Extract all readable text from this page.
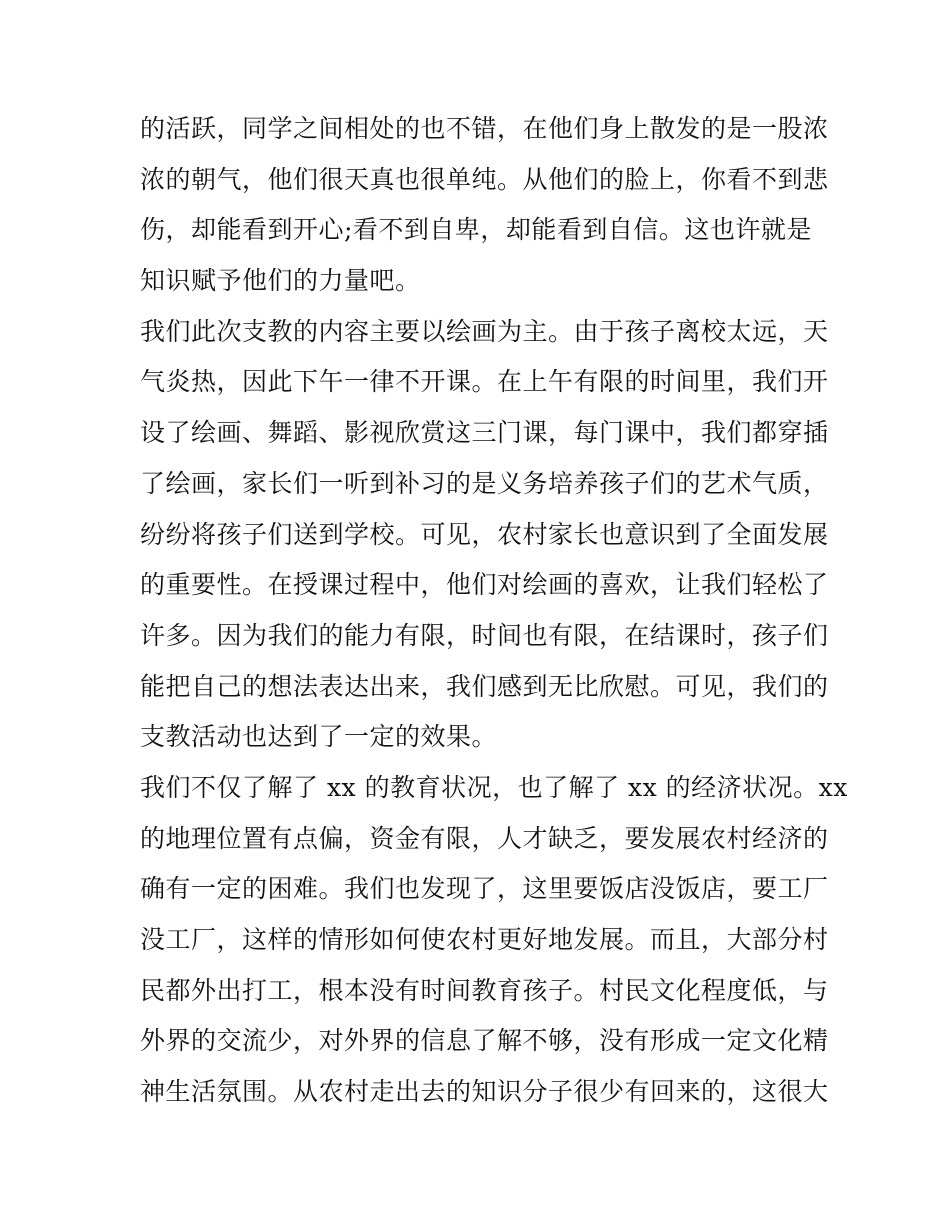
的活跃，同学之间相处的也不错，在他们身上散发的是一股浓
浓的朝气，他们很天真也很单纯。从他们的脸上，你看不到悲
伤，却能看到开心;看不到自卑，却能看到自信。这也许就是
知识赋予他们的力量吧。
我们此次支教的内容主要以绘画为主。由于孩子离校太远，天
气炎热，因此下午一律不开课。在上午有限的时间里，我们开
设了绘画、舞蹈、影视欣赏这三门课，每门课中，我们都穿插
了绘画，家长们一听到补习的是义务培养孩子们的艺术气质，
纷纷将孩子们送到学校。可见，农村家长也意识到了全面发展
的重要性。在授课过程中，他们对绘画的喜欢，让我们轻松了
许多。因为我们的能力有限，时间也有限，在结课时，孩子们
能把自己的想法表达出来，我们感到无比欣慰。可见，我们的
支教活动也达到了一定的效果。
我们不仅了解了 xx 的教育状况，也了解了 xx 的经济状况。xx
的地理位置有点偏，资金有限，人才缺乏，要发展农村经济的
确有一定的困难。我们也发现了，这里要饭店没饭店，要工厂
没工厂，这样的情形如何使农村更好地发展。而且，大部分村
民都外出打工，根本没有时间教育孩子。村民文化程度低，与
外界的交流少，对外界的信息了解不够，没有形成一定文化精
神生活氛围。从农村走出去的知识分子很少有回来的，这很大
